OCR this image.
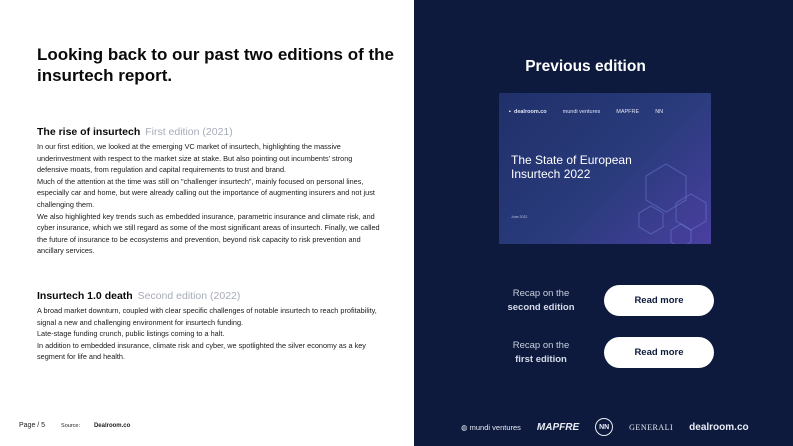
Looking back to our past two editions of the insurtech report.
The rise of insurtech First edition (2021)

In our first edition, we looked at the emerging VC market of insurtech, highlighting the massive underinvestment with respect to the market size at stake. But also pointing out incumbents' strong defensive moats, from regulation and capital requirements to trust and brand.

Much of the attention at the time was still on "challenger insurtech", mainly focused on personal lines, especially car and home, but were already calling out the importance of augmenting insurers and not just challenging them.

We also highlighted key trends such as embedded insurance, parametric insurance and climate risk, and cyber insurance, which we still regard as some of the most significant areas of insurtech. Finally, we called the future of insurance to be ecosystems and prevention, beyond risk capacity to risk prevention and ancillary services.

Insurtech 1.0 death Second edition (2022)

A broad market downturn, coupled with clear specific challenges of notable insurtech to reach profitability, signal a new and challenging environment for insurtech funding.

Late-stage funding crunch, public listings coming to a halt.

In addition to embedded insurance, climate risk and cyber, we spotlighted the silver economy as a key segment for life and health.

Page / 5	Source: Dealroom.co
Previous edition
▪ dealroom.co	mundi ventures	MAPFRE	NN
The State of European Insurtech 2022
June 2022
Recap on the
second edition
Read more
Recap on the
first edition
Read more
◍ mundi ventures MAPFRE	NN	GENERALI dealroom.co
